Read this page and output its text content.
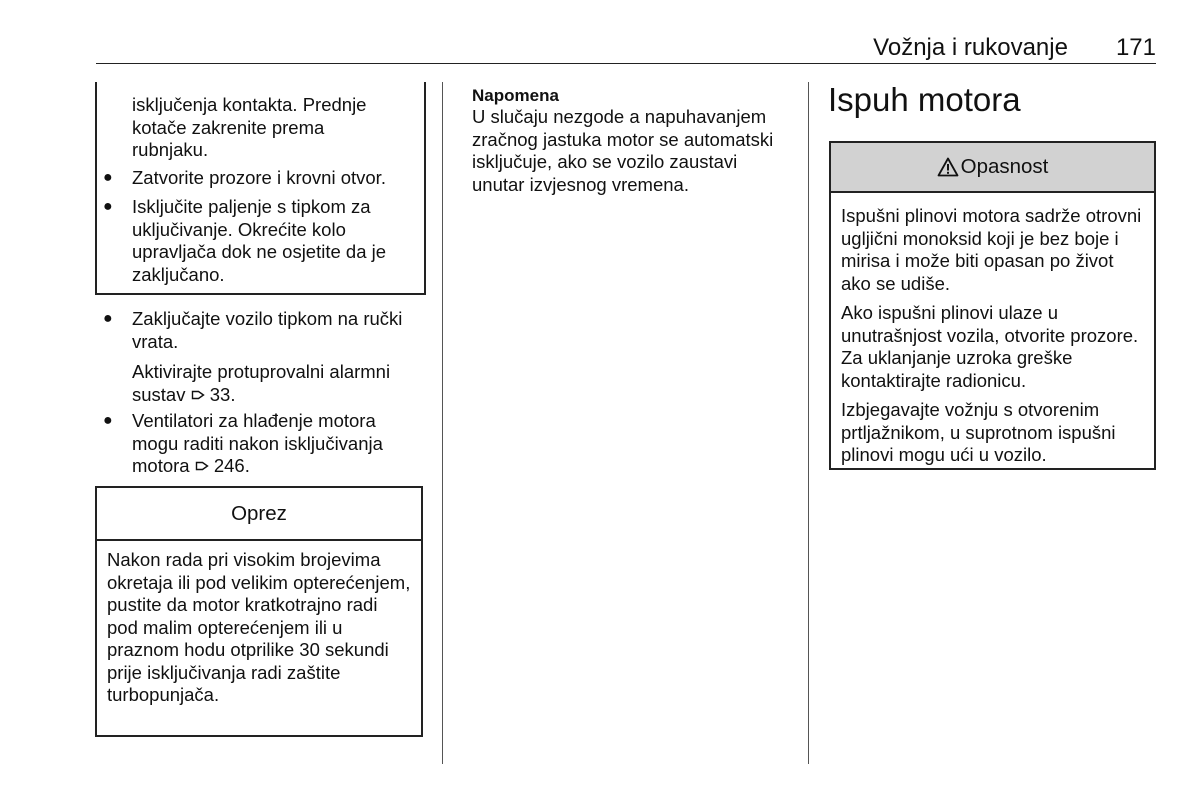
Vožnja i rukovanje 171
isključenja kontakta. Prednje kotače zakrenite prema rubnjaku.
● Zatvorite prozore i krovni otvor.
● Isključite paljenje s tipkom za uključivanje. Okrećite kolo upravljača dok ne osjetite da je zaključano.
● Zaključajte vozilo tipkom na ručki vrata.
Aktivirajte protuprovalni alarmni sustav 33.
● Ventilatori za hlađenje motora mogu raditi nakon isključivanja motora 246.
Oprez

Nakon rada pri visokim brojevima okretaja ili pod velikim opterećenjem, pustite da motor kratkotrajno radi pod malim opterećenjem ili u praznom hodu otprilike 30 sekundi prije isključivanja radi zaštite turbopunjača.

Napomena
U slučaju nezgode a napuhavanjem zračnog jastuka motor se automatski isključuje, ako se vozilo zaustavi unutar izvjesnog vremena.
Ispuh motora
Opasnost

Ispušni plinovi motora sadrže otrovni ugljični monoksid koji je bez boje i mirisa i može biti opasan po život ako se udiše.

Ako ispušni plinovi ulaze u unutrašnjost vozila, otvorite prozore. Za uklanjanje uzroka greške kontaktirajte radionicu.

Izbjegavajte vožnju s otvorenim prtljažnikom, u suprotnom ispušni plinovi mogu ući u vozilo.
